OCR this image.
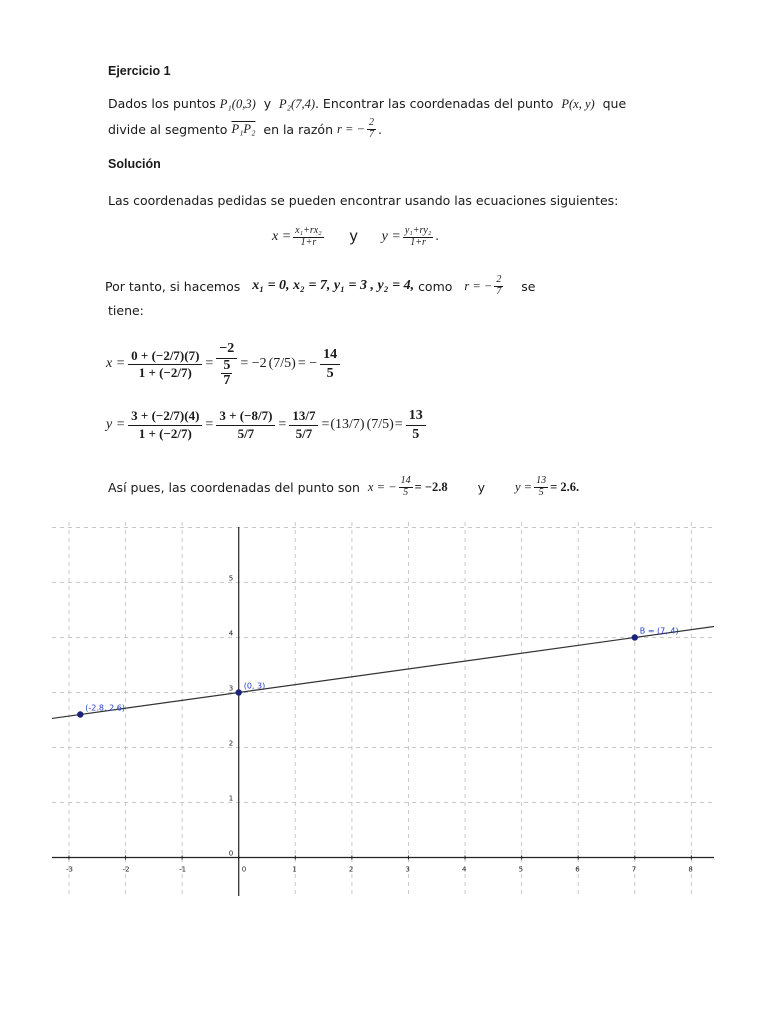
Ejercicio 1
Dados los puntos P₁(0,3) y P₂(7,4). Encontrar las coordenadas del punto P(x, y) que
divide al segmento
P₁P₂
en la razón
r = − $\frac{2}{7}$ .
Solución
Las coordenadas pedidas se pueden encontrar usando las ecuaciones siguientes:
$x = \frac{\text{x₁+rx₂}}{1+r}$ y $y = \frac{\text{y₁+ry₂}}{1+r}$ .
Por tanto, si hacemos
x₁ = 0, x₂ = 7, y₁ = 3 , y₂ = 4,
como
r = − $\frac{2}{7}$
se
tiene:
$x = \frac{0 + (-2/7)(7)}{1 + (-2/7)} = -2$
5
7 = −2 (7/5) = − $\frac{14}{5}$
$y = \frac{3 + (-2/7)(4)}{1 + (-2/7)} = \frac{3 + (-8/7)}{5/7} = \frac{13/7}{5/7} = (13/7) (7/5) = \frac{13}{5}$
Así pues, las coordenadas del punto son
x = − $\frac{14}{5} = -2.8$ y $y = \frac{13}{5} = 2.6$.
-3	-2	-1	0	1	2	3	4	5	6	7	8
0
1
2
3
4
5
(-2.8, 2.6)
(0, 3)
B = (7, 4)
